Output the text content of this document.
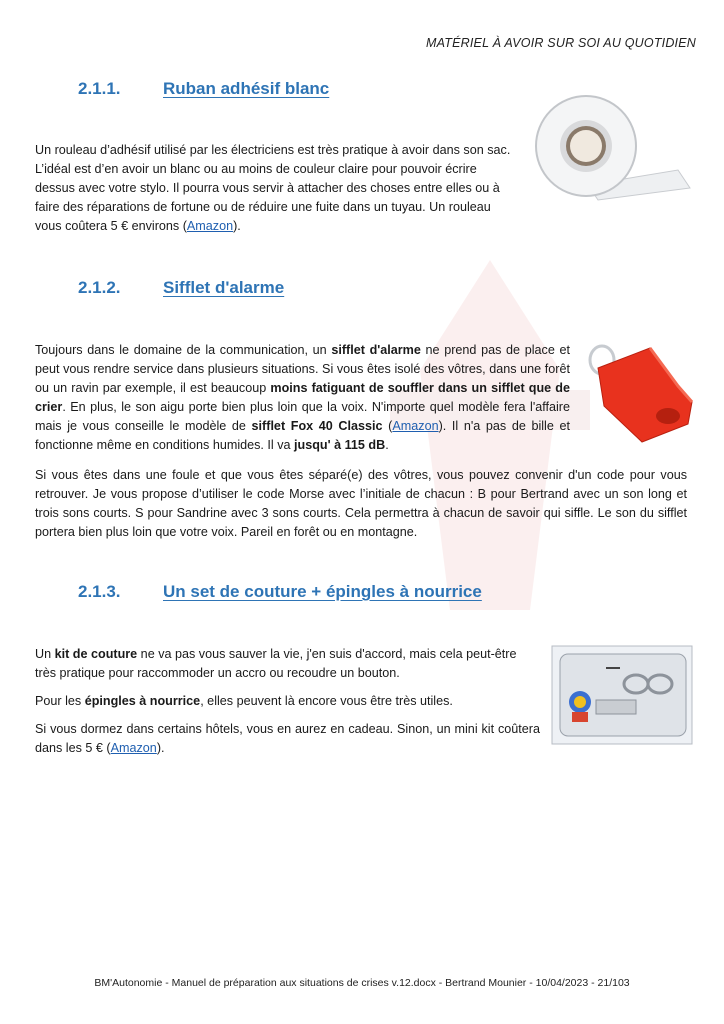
MATÉRIEL À AVOIR SUR SOI AU QUOTIDIEN
2.1.1. Ruban adhésif blanc

Un rouleau d’adhésif utilisé par les électriciens est très pratique à avoir dans son sac. L’idéal est d’en avoir un blanc ou au moins de couleur claire pour pouvoir écrire dessus avec votre stylo. Il pourra vous servir à attacher des choses entre elles ou à faire des réparations de fortune ou de réduire une fuite dans un tuyau. Un rouleau vous coûtera 5 € environs (Amazon).

2.1.2. Sifflet d'alarme

Toujours dans le domaine de la communication, un sifflet d'alarme ne prend pas de place et peut vous rendre service dans plusieurs situations. Si vous êtes isolé des vôtres, dans une forêt ou un ravin par exemple, il est beaucoup moins fatiguant de souffler dans un sifflet que de crier. En plus, le son aigu porte bien plus loin que la voix. N'importe quel modèle fera l'affaire mais je vous conseille le modèle de sifflet Fox 40 Classic (Amazon). Il n'a pas de bille et fonctionne même en conditions humides. Il va jusqu' à 115 dB.

Si vous êtes dans une foule et que vous êtes séparé(e) des vôtres, vous pouvez convenir d'un code pour vous retrouver. Je vous propose d’utiliser le code Morse avec l’initiale de chacun : B pour Bertrand avec un son long et trois sons courts. S pour Sandrine avec 3 sons courts. Cela permettra à chacun de savoir qui siffle. Le son du sifflet portera bien plus loin que votre voix. Pareil en forêt ou en montagne.

2.1.3. Un set de couture + épingles à nourrice

Un kit de couture ne va pas vous sauver la vie, j'en suis d'accord, mais cela peut-être très pratique pour raccommoder un accro ou recoudre un bouton.

Pour les épingles à nourrice, elles peuvent là encore vous être très utiles.

Si vous dormez dans certains hôtels, vous en aurez en cadeau. Sinon, un mini kit coûtera dans les 5 € (Amazon).

BM'Autonomie - Manuel de préparation aux situations de crises v.12.docx - Bertrand Mounier - 10/04/2023 - 21/103
